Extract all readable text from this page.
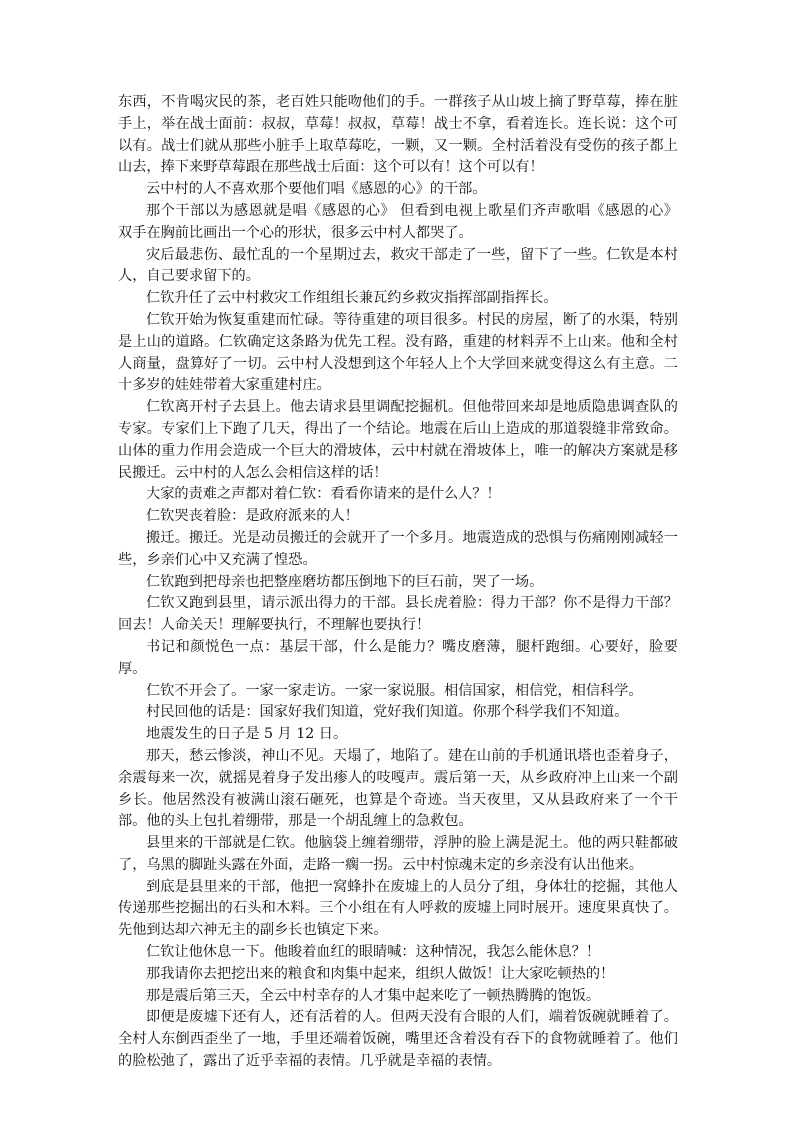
东西，不肯喝灾民的茶，老百姓只能吻他们的手。一群孩子从山坡上摘了野草莓，捧在脏手上，举在战士面前：叔叔，草莓！叔叔，草莓！战士不拿，看着连长。连长说：这个可以有。战士们就从那些小脏手上取草莓吃，一颗，又一颗。全村活着没有受伤的孩子都上山去，捧下来野草莓跟在那些战士后面：这个可以有！这个可以有！

云中村的人不喜欢那个要他们唱《感恩的心》的干部。

那个干部以为感恩就是唱《感恩的心》 但看到电视上歌星们齐声歌唱《感恩的心》 双手在胸前比画出一个心的形状，很多云中村人都哭了。

灾后最悲伤、最忙乱的一个星期过去，救灾干部走了一些，留下了一些。仁钦是本村人，自己要求留下的。

仁钦升任了云中村救灾工作组组长兼瓦约乡救灾指挥部副指挥长。

仁钦开始为恢复重建而忙碌。等待重建的项目很多。村民的房屋，断了的水渠，特别是上山的道路。仁钦确定这条路为优先工程。没有路，重建的材料弄不上山来。他和全村人商量，盘算好了一切。云中村人没想到这个年轻人上个大学回来就变得这么有主意。二十多岁的娃娃带着大家重建村庄。

仁钦离开村子去县上。他去请求县里调配挖掘机。但他带回来却是地质隐患调查队的专家。专家们上下跑了几天，得出了一个结论。地震在后山上造成的那道裂缝非常致命。山体的重力作用会造成一个巨大的滑坡体，云中村就在滑坡体上，唯一的解决方案就是移民搬迁。云中村的人怎么会相信这样的话！

大家的责难之声都对着仁钦：看看你请来的是什么人？！

仁钦哭丧着脸：是政府派来的人！

搬迁。搬迁。光是动员搬迁的会就开了一个多月。地震造成的恐惧与伤痛刚刚减轻一些，乡亲们心中又充满了惶恐。

仁钦跑到把母亲也把整座磨坊都压倒地下的巨石前，哭了一场。

仁钦又跑到县里，请示派出得力的干部。县长虎着脸：得力干部？你不是得力干部？回去！人命关天！理解要执行，不理解也要执行！

书记和颜悦色一点：基层干部，什么是能力？嘴皮磨薄，腿杆跑细。心要好，脸要厚。

仁钦不开会了。一家一家走访。一家一家说服。相信国家，相信党，相信科学。

村民回他的话是：国家好我们知道，党好我们知道。你那个科学我们不知道。

地震发生的日子是 5 月 12 日。

那天，愁云惨淡，神山不见。天塌了，地陷了。建在山前的手机通讯塔也歪着身子，余震每来一次，就摇晃着身子发出瘆人的吱嘎声。震后第一天，从乡政府冲上山来一个副乡长。他居然没有被满山滚石砸死，也算是个奇迹。当天夜里，又从县政府来了一个干部。他的头上包扎着绷带，那是一个胡乱缠上的急救包。

县里来的干部就是仁钦。他脑袋上缠着绷带，浮肿的脸上满是泥土。他的两只鞋都破了，乌黑的脚趾头露在外面，走路一瘸一拐。云中村惊魂未定的乡亲没有认出他来。

到底是县里来的干部，他把一窝蜂扑在废墟上的人员分了组，身体壮的挖掘，其他人传递那些挖掘出的石头和木料。三个小组在有人呼救的废墟上同时展开。速度果真快了。先他到达却六神无主的副乡长也镇定下来。

仁钦让他休息一下。他睃着血红的眼睛喊：这种情况，我怎么能休息？！

那我请你去把挖出来的粮食和肉集中起来，组织人做饭！让大家吃顿热的！

那是震后第三天，全云中村幸存的人才集中起来吃了一顿热腾腾的饱饭。

即便是废墟下还有人，还有活着的人。但两天没有合眼的人们，端着饭碗就睡着了。全村人东倒西歪坐了一地，手里还端着饭碗，嘴里还含着没有吞下的食物就睡着了。他们的脸松弛了，露出了近乎幸福的表情。几乎就是幸福的表情。
